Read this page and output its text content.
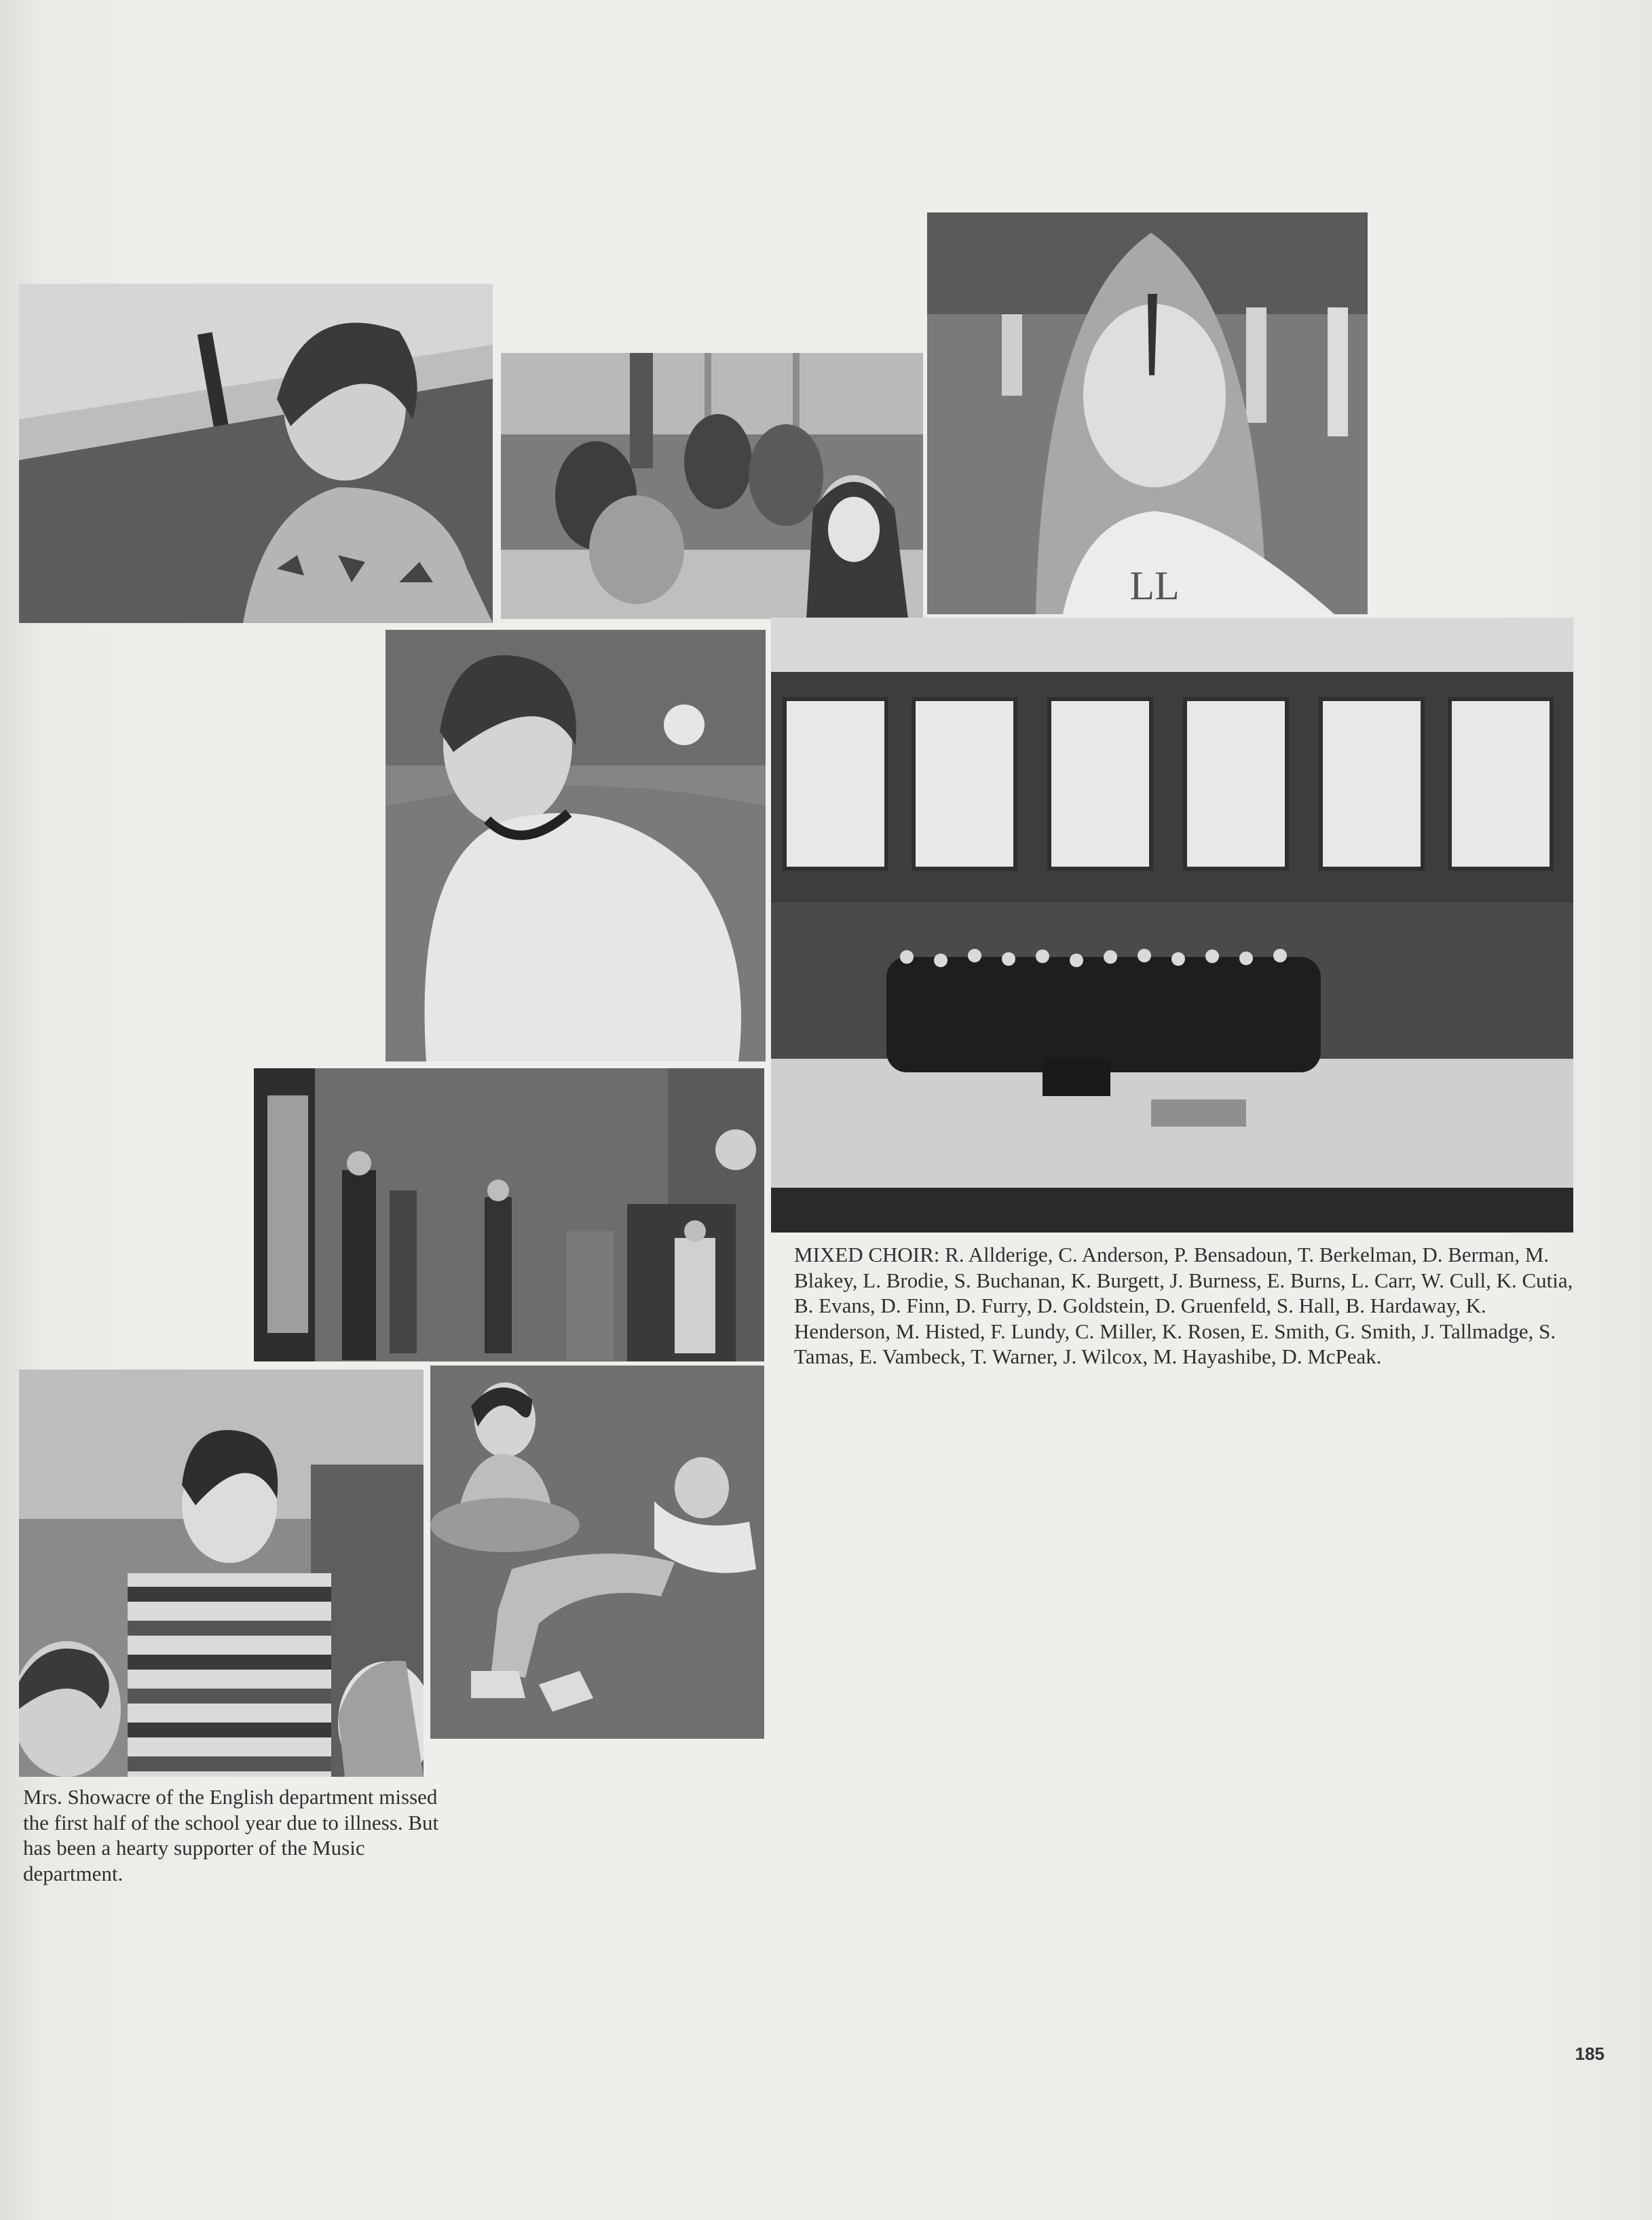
LL

MIXED CHOIR: R. Allderige, C. Anderson, P. Bensadoun, T. Berkelman, D. Berman, M. Blakey, L. Brodie, S. Buchanan, K. Burgett, J. Burness, E. Burns, L. Carr, W. Cull, K. Cutia, B. Evans, D. Finn, D. Furry, D. Goldstein, D. Gruenfeld, S. Hall, B. Hardaway, K. Henderson, M. Histed, F. Lundy, C. Miller, K. Rosen, E. Smith, G. Smith, J. Tallmadge, S. Tamas, E. Vambeck, T. Warner, J. Wilcox, M. Hayashibe, D. McPeak.

Mrs. Showacre of the English department missed the first half of the school year due to illness. But has been a hearty supporter of the Music department.

185
